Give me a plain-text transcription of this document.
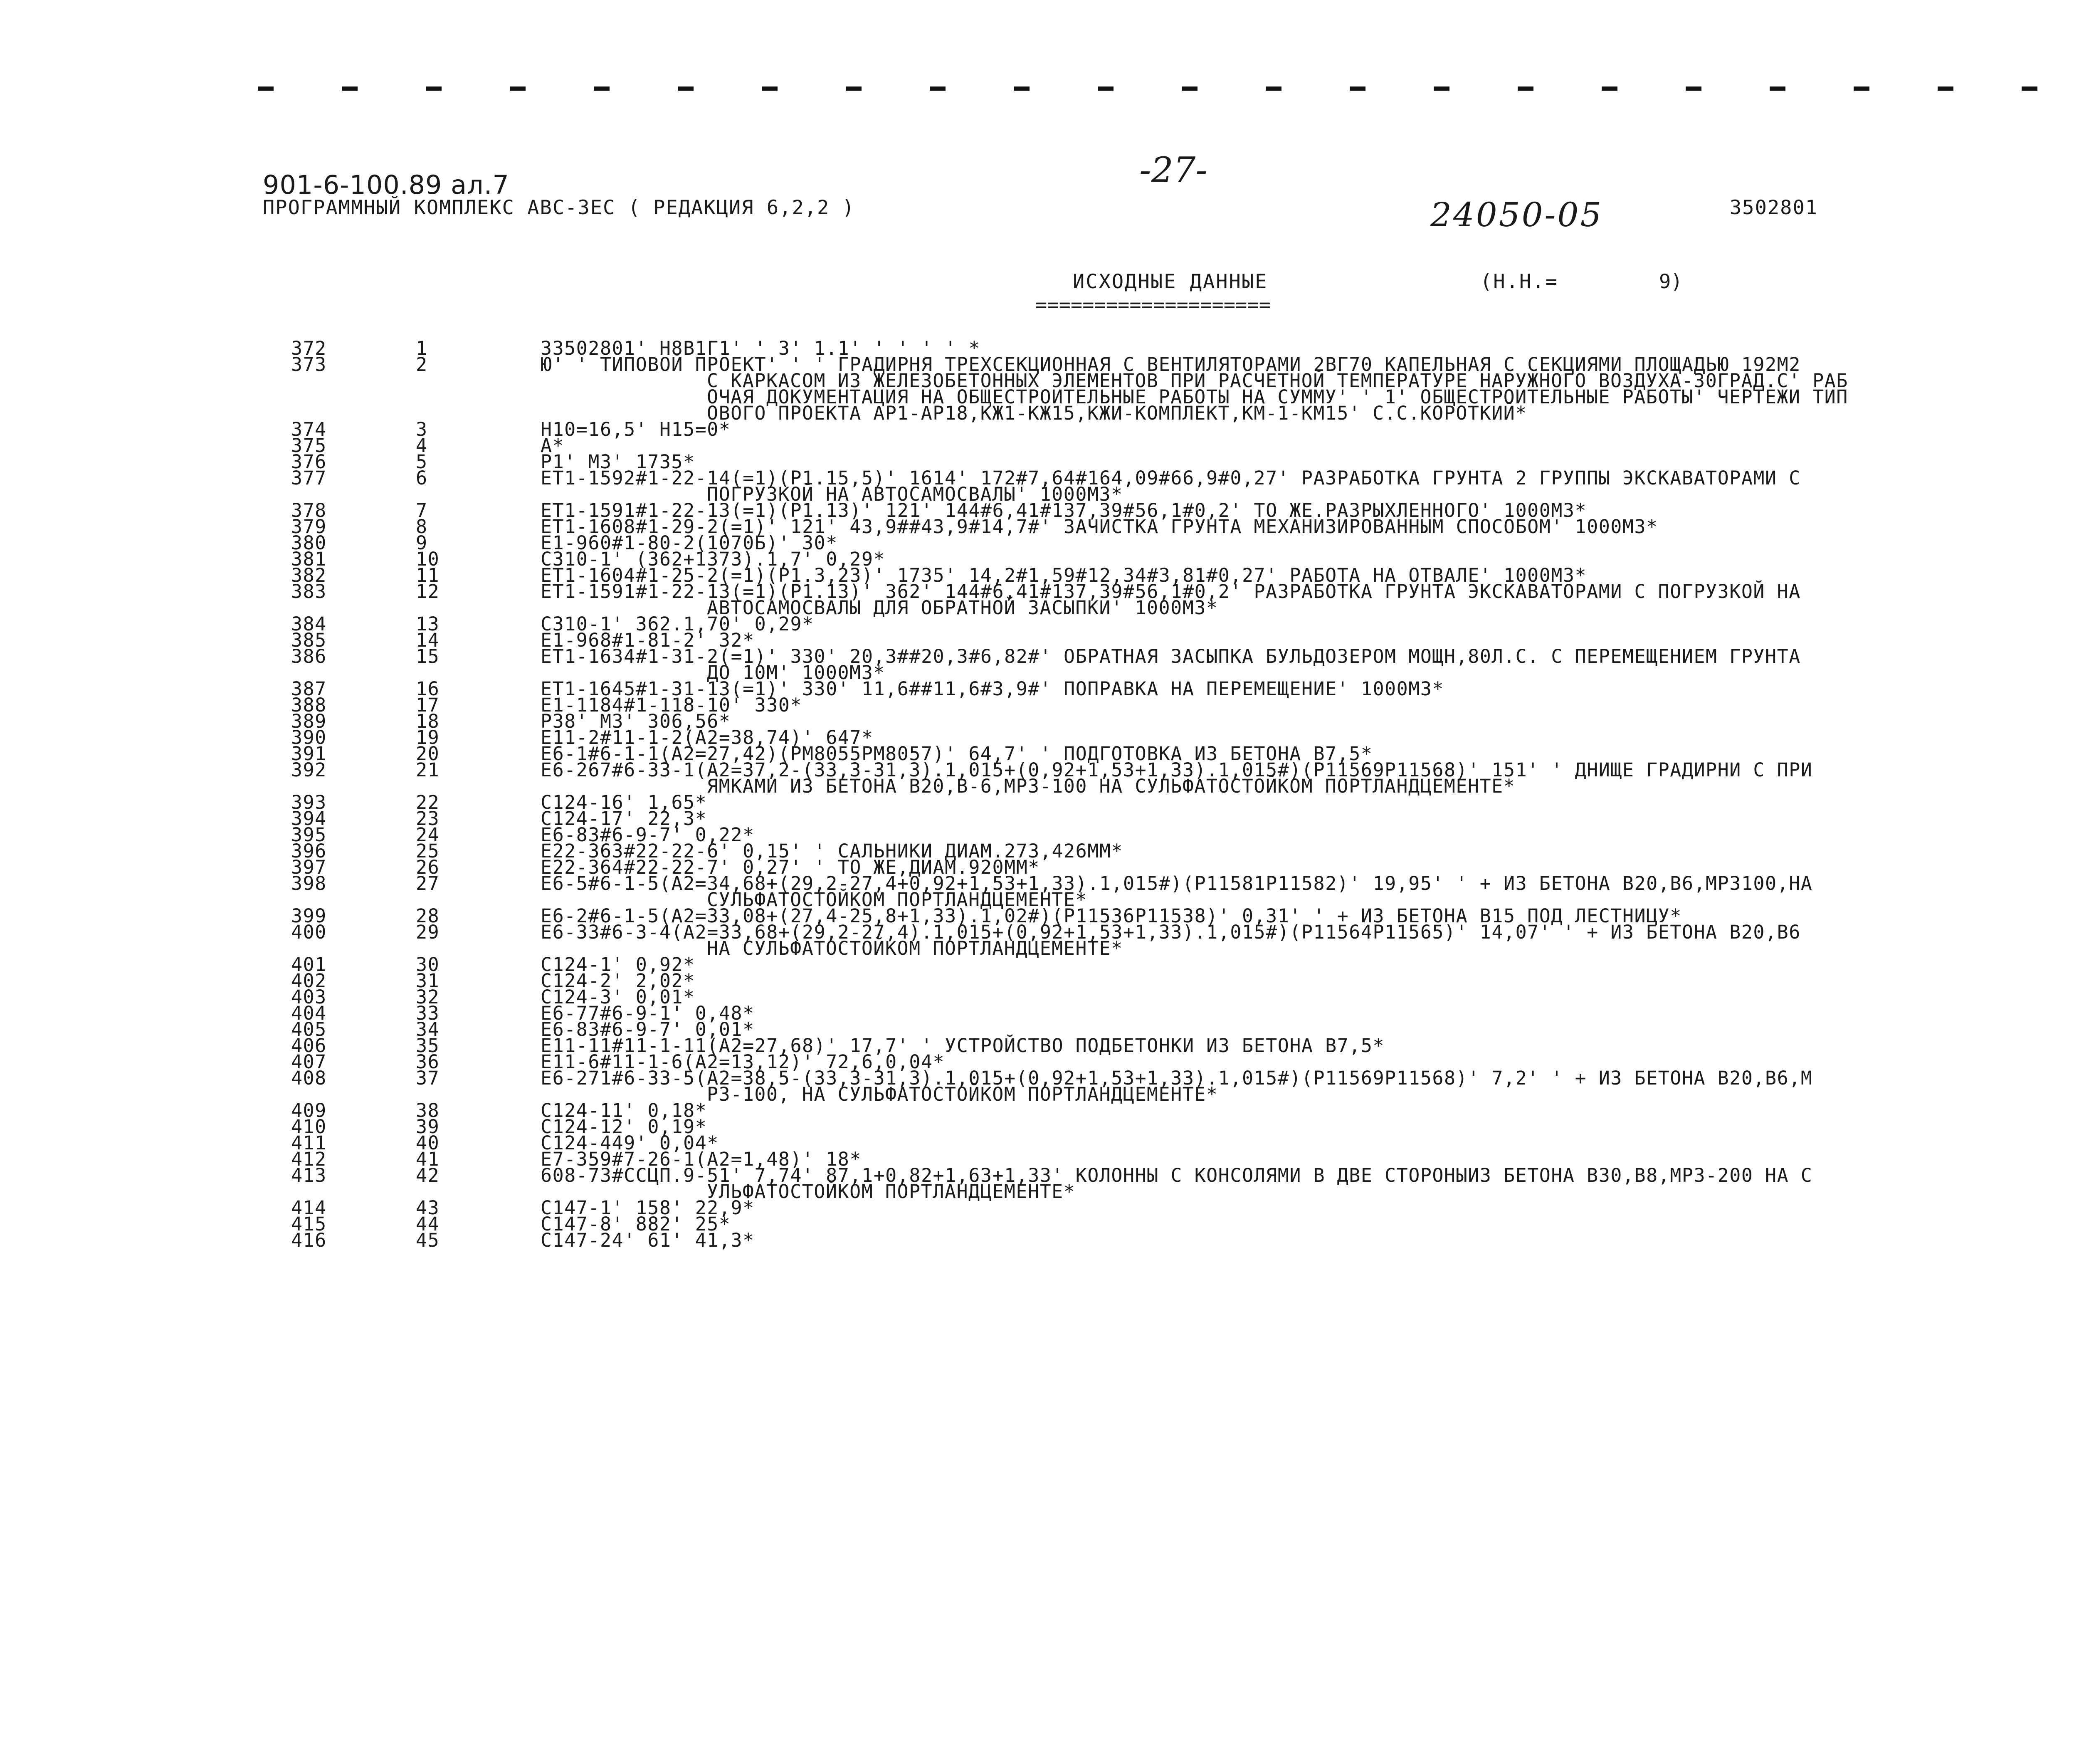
901-6-100.89 ал.7
ПРОГРАММНЫЙ КОМПЛЕКС АВС-3ЕС ( РЕДАКЦИЯ 6,2,2 )
-27-
24050-05	3502801
ИСХОДНЫЕ ДАННЫЕ
====================
(Н.Н.=	9)
372	1	33502801' Н8В1Г1' ' 3' 1.1' ' ' ' ' *
373	2	Ю' ' ТИПОВОЙ ПРОЕКТ' ' ' ГРАДИРНЯ ТРЕХСЕКЦИОННАЯ С ВЕНТИЛЯТОРАМИ 2ВГ70 КАПЕЛЬНАЯ С СЕКЦИЯМИ ПЛОЩАДЬЮ 192М2
С КАРКАСОМ ИЗ ЖЕЛЕЗОБЕТОННЫХ ЭЛЕМЕНТОВ ПРИ РАСЧЕТНОЙ ТЕМПЕРАТУРЕ НАРУЖНОГО ВОЗДУХА-30ГРАД.С' РАБ
ОЧАЯ ДОКУМЕНТАЦИЯ НА ОБЩЕСТРОИТЕЛЬНЫЕ РАБОТЫ НА СУММУ' ' 1' ОБЩЕСТРОИТЕЛЬНЫЕ РАБОТЫ' ЧЕРТЕЖИ ТИП
ОВОГО ПРОЕКТА АР1-АР18,КЖ1-КЖ15,КЖИ-КОМПЛЕКТ,КМ-1-КМ15' С.С.КОРОТКИЙ*
374	3	Н10=16,5' Н15=0*
375	4	А*
376	5	Р1' М3' 1735*
377	6	ЕТ1-1592#1-22-14(=1)(Р1.15,5)' 1614' 172#7,64#164,09#66,9#0,27' РАЗРАБОТКА ГРУНТА 2 ГРУППЫ ЭКСКАВАТОРАМИ С
ПОГРУЗКОЙ НА АВТОСАМОСВАЛЫ' 1000М3*
378	7	ЕТ1-1591#1-22-13(=1)(Р1.13)' 121' 144#6,41#137,39#56,1#0,2' ТО ЖЕ.РАЗРЫХЛЕННОГО' 1000М3*
379	8	ЕТ1-1608#1-29-2(=1)' 121' 43,9##43,9#14,7#' ЗАЧИСТКА ГРУНТА МЕХАНИЗИРОВАННЫМ СПОСОБОМ' 1000М3*
380	9	Е1-960#1-80-2(1070Б)' 30*
381	10	С310-1' (362+1373).1,7' 0,29*
382	11	ЕТ1-1604#1-25-2(=1)(Р1.3,23)' 1735' 14,2#1,59#12,34#3,81#0,27' РАБОТА НА ОТВАЛЕ' 1000М3*
383	12	ЕТ1-1591#1-22-13(=1)(Р1.13)' 362' 144#6,41#137,39#56,1#0,2' РАЗРАБОТКА ГРУНТА ЭКСКАВАТОРАМИ С ПОГРУЗКОЙ НА
АВТОСАМОСВАЛЫ ДЛЯ ОБРАТНОЙ ЗАСЫПКИ' 1000М3*
384	13	С310-1' 362.1,70' 0,29*
385	14	Е1-968#1-81-2' 32*
386	15	ЕТ1-1634#1-31-2(=1)' 330' 20,3##20,3#6,82#' ОБРАТНАЯ ЗАСЫПКА БУЛЬДОЗЕРОМ МОЩН,80Л.С. С ПЕРЕМЕЩЕНИЕМ ГРУНТА
ДО 10М' 1000М3*
387	16	ЕТ1-1645#1-31-13(=1)' 330' 11,6##11,6#3,9#' ПОПРАВКА НА ПЕРЕМЕЩЕНИЕ' 1000М3*
388	17	Е1-1184#1-118-10' 330*
389	18	Р38' М3' 306,56*
390	19	Е11-2#11-1-2(А2=38,74)' 647*
391	20	Е6-1#6-1-1(А2=27,42)(РМ8055РМ8057)' 64,7' ' ПОДГОТОВКА ИЗ БЕТОНА В7,5*
392	21	Е6-267#6-33-1(А2=37,2-(33,3-31,3).1,015+(0,92+1,53+1,33).1,015#)(Р11569Р11568)' 151' ' ДНИЩЕ ГРАДИРНИ С ПРИ
ЯМКАМИ ИЗ БЕТОНА В20,В-6,МРЗ-100 НА СУЛЬФАТОСТОЙКОМ ПОРТЛАНДЦЕМЕНТЕ*
393	22	С124-16' 1,65*
394	23	С124-17' 22,3*
395	24	Е6-83#6-9-7' 0,22*
396	25	Е22-363#22-22-6' 0,15' ' САЛЬНИКИ ДИАМ.273,426ММ*
397	26	Е22-364#22-22-7' 0,27' ' ТО ЖЕ,ДИАМ.920ММ*
398	27	Е6-5#6-1-5(А2=34,68+(29,2-27,4+0,92+1,53+1,33).1,015#)(Р11581Р11582)' 19,95' ' + ИЗ БЕТОНА В20,В6,МРЗ100,НА
СУЛЬФАТОСТОЙКОМ ПОРТЛАНДЦЕМЕНТЕ*
399	28	Е6-2#6-1-5(А2=33,08+(27,4-25,8+1,33).1,02#)(Р11536Р11538)' 0,31' ' + ИЗ БЕТОНА В15 ПОД ЛЕСТНИЦУ*
400	29	Е6-33#6-3-4(А2=33,68+(29,2-27,4).1,015+(0,92+1,53+1,33).1,015#)(Р11564Р11565)' 14,07' ' + ИЗ БЕТОНА В20,В6
НА СУЛЬФАТОСТОЙКОМ ПОРТЛАНДЦЕМЕНТЕ*
401	30	С124-1' 0,92*
402	31	С124-2' 2,02*
403	32	С124-3' 0,01*
404	33	Е6-77#6-9-1' 0,48*
405	34	Е6-83#6-9-7' 0,01*
406	35	Е11-11#11-1-11(А2=27,68)' 17,7' ' УСТРОЙСТВО ПОДБЕТОНКИ ИЗ БЕТОНА В7,5*
407	36	Е11-6#11-1-6(А2=13,12)' 72,6,0,04*
408	37	Е6-271#6-33-5(А2=38,5-(33,3-31,3).1,015+(0,92+1,53+1,33).1,015#)(Р11569Р11568)' 7,2' ' + ИЗ БЕТОНА В20,В6,М
РЗ-100, НА СУЛЬФАТОСТОЙКОМ ПОРТЛАНДЦЕМЕНТЕ*
409	38	С124-11' 0,18*
410	39	С124-12' 0,19*
411	40	С124-449' 0,04*
412	41	Е7-359#7-26-1(А2=1,48)' 18*
413	42	608-73#ССЦП.9-51' 7,74' 87,1+0,82+1,63+1,33' КОЛОННЫ С КОНСОЛЯМИ В ДВЕ СТОРОНЫИЗ БЕТОНА В30,В8,МРЗ-200 НА С
УЛЬФАТОСТОЙКОМ ПОРТЛАНДЦЕМЕНТЕ*
414	43	С147-1' 158' 22,9*
415	44	С147-8' 882' 25*
416	45	С147-24' 61' 41,3*
